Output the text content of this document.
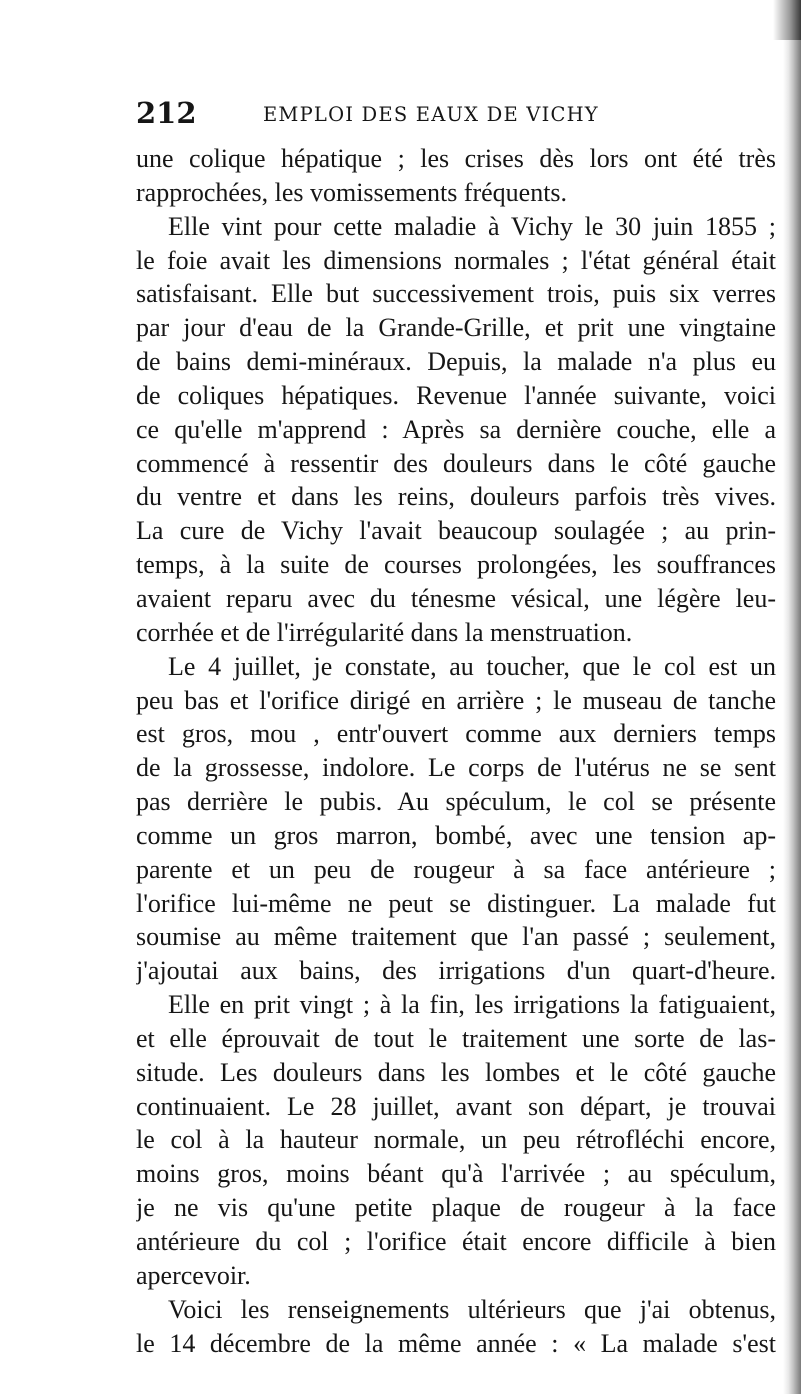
212	EMPLOI DES EAUX DE VICHY
une colique hépatique ; les crises dès lors ont été très
rapprochées, les vomissements fréquents.
Elle vint pour cette maladie à Vichy le 30 juin 1855 ;
le foie avait les dimensions normales ; l'état général était
satisfaisant. Elle but successivement trois, puis six verres
par jour d'eau de la Grande-Grille, et prit une vingtaine
de bains demi-minéraux. Depuis, la malade n'a plus eu
de coliques hépatiques. Revenue l'année suivante, voici
ce qu'elle m'apprend : Après sa dernière couche, elle a
commencé à ressentir des douleurs dans le côté gauche
du ventre et dans les reins, douleurs parfois très vives.
La cure de Vichy l'avait beaucoup soulagée ; au prin-
temps, à la suite de courses prolongées, les souffrances
avaient reparu avec du ténesme vésical, une légère leu-
corrhée et de l'irrégularité dans la menstruation.
Le 4 juillet, je constate, au toucher, que le col est un
peu bas et l'orifice dirigé en arrière ; le museau de tanche
est gros, mou , entr'ouvert comme aux derniers temps
de la grossesse, indolore. Le corps de l'utérus ne se sent
pas derrière le pubis. Au spéculum, le col se présente
comme un gros marron, bombé, avec une tension ap-
parente et un peu de rougeur à sa face antérieure ;
l'orifice lui-même ne peut se distinguer. La malade fut
soumise au même traitement que l'an passé ; seulement,
j'ajoutai aux bains, des irrigations d'un quart-d'heure.
Elle en prit vingt ; à la fin, les irrigations la fatiguaient,
et elle éprouvait de tout le traitement une sorte de las-
situde. Les douleurs dans les lombes et le côté gauche
continuaient. Le 28 juillet, avant son départ, je trouvai
le col à la hauteur normale, un peu rétrofléchi encore,
moins gros, moins béant qu'à l'arrivée ; au spéculum,
je ne vis qu'une petite plaque de rougeur à la face
antérieure du col ; l'orifice était encore difficile à bien
apercevoir.
Voici les renseignements ultérieurs que j'ai obtenus,
le 14 décembre de la même année : « La malade s'est
